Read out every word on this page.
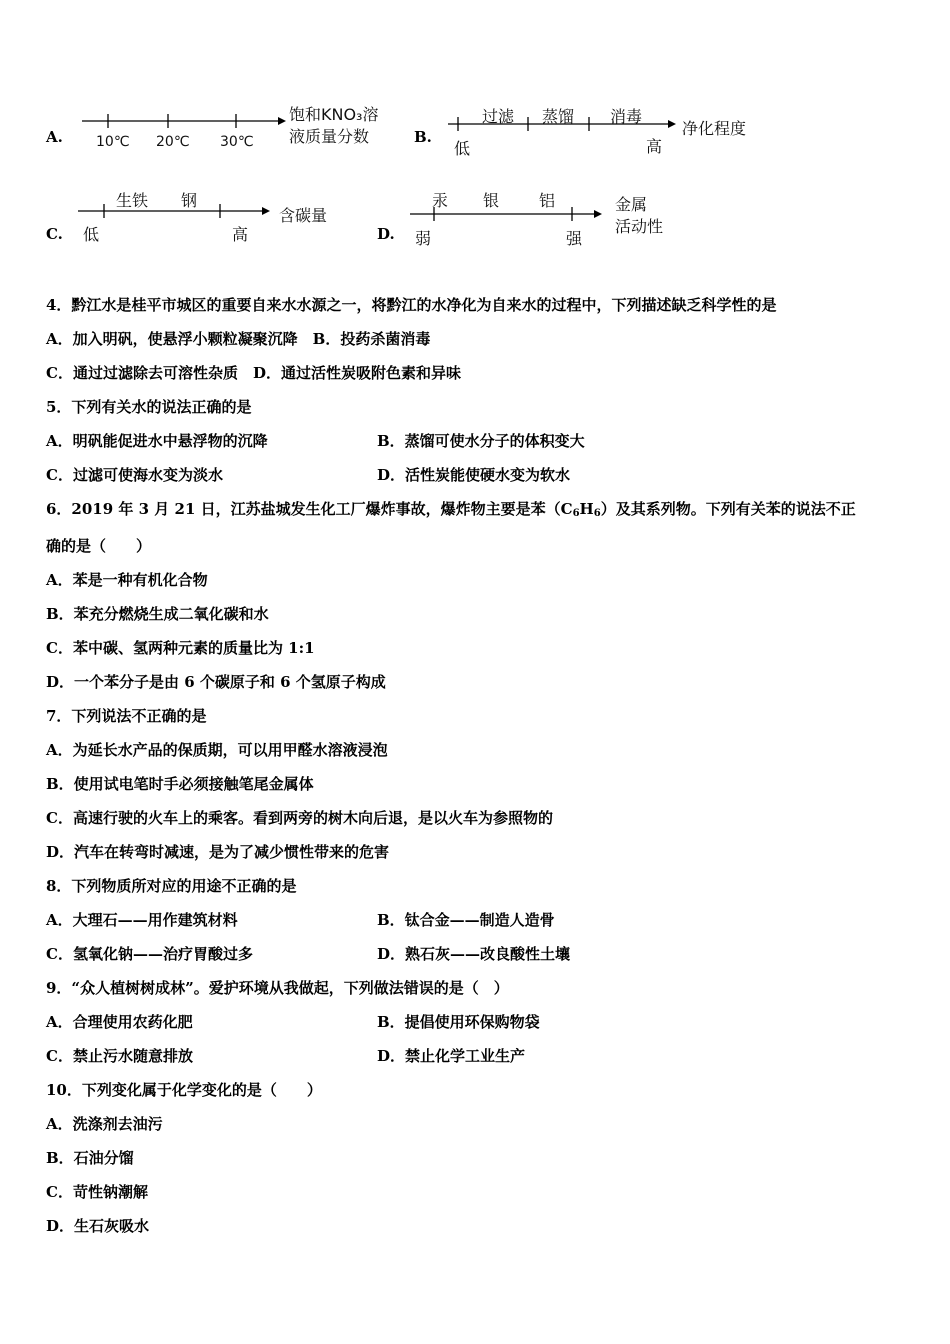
A. 10℃ 20℃ 30℃
饱和KNO₃溶
液质量分数	B.
过滤 蒸馏 消毒
低	高
净化程度
C.
生铁 钢
低	高
含碳量
D.
汞 银 铝
弱	强
金属
活动性
4．黔江水是桂平市城区的重要自来水水源之一，将黔江的水净化为自来水的过程中，下列描述缺乏科学性的是
A．加入明矾，使悬浮小颗粒凝聚沉降　B．投药杀菌消毒
C．通过过滤除去可溶性杂质　D．通过活性炭吸附色素和异味
5．下列有关水的说法正确的是
A．明矾能促进水中悬浮物的沉降	B．蒸馏可使水分子的体积变大
C．过滤可使海水变为淡水	D．活性炭能使硬水变为软水
6．2019 年 3 月 21 日，江苏盐城发生化工厂爆炸事故，爆炸物主要是苯$(C_6H_6)$及其系列物。下列有关苯的说法不正
确的是（　　）
A．苯是一种有机化合物
B．苯充分燃烧生成二氧化碳和水
C．苯中碳、氢两种元素的质量比为 1:1
D．一个苯分子是由 6 个碳原子和 6 个氢原子构成
7．下列说法不正确的是
A．为延长水产品的保质期，可以用甲醛水溶液浸泡
B．使用试电笔时手必须接触笔尾金属体
C．高速行驶的火车上的乘客。看到两旁的树木向后退，是以火车为参照物的
D．汽车在转弯时减速，是为了减少惯性带来的危害
8．下列物质所对应的用途不正确的是
A．大理石——用作建筑材料	B．钛合金——制造人造骨
C．氢氧化钠——治疗胃酸过多	D．熟石灰——改良酸性土壤
9．“众人植树树成林”。爱护环境从我做起，下列做法错误的是（　）
A．合理使用农药化肥	B．提倡使用环保购物袋
C．禁止污水随意排放	D．禁止化学工业生产
10．下列变化属于化学变化的是（　　）
A．洗涤剂去油污
B．石油分馏
C．苛性钠潮解
D．生石灰吸水
